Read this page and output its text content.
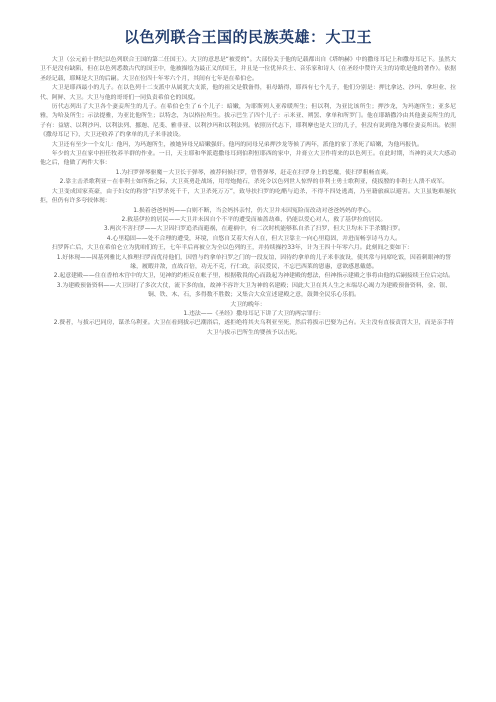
以色列联合王国的民族英雄：大卫王

大卫（公元前十世纪以色列联合王国的第二任国王）。大卫的意思是“被爱的”。大部份关于他的记载都出自《塔纳赫》中的撒母耳记上和撒母耳记下。虽然大卫不是没有缺陷，但在以色列悉数古代的国王中，他被描绘为最正义的国王，并且是一位优异兵士、音乐家和诗人（在圣经中赞许天主的诗歌是他的著作）。依据圣经记载，耶稣是大卫的后嗣。大卫在位四十年零六个月，其间有七年是在希伯仑。

大卫是耶西最小的儿子。在以色列十二支派中从属犹大支派，他的祖父是俄备得，祖母路得，耶西有七个儿子，他们分别是：押比拿达、沙玛、拿坦业、拉代、阿鲜、大卫。大卫与他的哥哥们一同负责希伯仑的国度。

历代志列出了大卫各个妻妾所生的儿子。在希伯仑生了６个儿子：暗嫩，为耶斯列人亚希暖所生；但以利，为亚比该所生；押沙龙，为玛迦所生；亚多尼雅，为哈及所生；示法提雅，为亚比他所生；以特念，为以格拉所生。拔示巴生了四个儿子：示米亚、朔罢、拿单和所罗门。他在耶路撒冷由其他妻妾所生的儿子有：益辖、以利沙玛、以利法列、挪迦、尼斐、雅非亚、以利沙玛和以利法列。依照历代志下，耶利摩也是大卫的儿子，但没有说到他为哪位妻妾所出。依照《撒母耳记下》，大卫还收养了约拿单的儿子米非波设。

大卫还有至少一个女儿：他玛，为玛迦所生，被她异母兄暗嫩强奸。他玛的同母兄弟押沙龙等候了两年，派他的家丁杀死了暗嫩，为他玛报仇。

年少的大卫在家中担任牧养羊群的作业。一日，天主耶和华派遣撒母耳到伯利恒耶西的家中，并膏立大卫作将来的以色列王。在此时期，当神的灵大大感动他之后，他做了两件大事：

1.为扫罗弹琴驱魔－大卫长于弹琴，被荐何候扫罗，曾替弹琴，赶走在扫罗身上的恶魔，使扫罗粗畅直爽。

2.靠主击杀歌利亚－在非利士如所指之际，大卫英勇赴战场，用弯炮抛石，杀死令以色列世人惊悍的非利士勇士歌利亚，使扳膛的非利士人溃不成军。

大卫变成国家英豪，由于妇女的称誉“扫罗杀死千千，大卫杀死万万”，致导扶扫罗的吃醋与追杀，不得不四处逃离，乃至籍旅疯以避害。大卫虽饱难屡抗拒，但仍有许多夸较体现：

1.损着爸爸妈妈——白则不断，当会妈抖亲忖，仍大卫并未因冤险而改动对爸爸妈妈的孝心。

2.救基伊拉的居民——大卫并未因自个不平的遭受而袖蔷劫难，仍能以爱心对人，救了基伊拉的居民。

3.两次不害扫罗——大卫因扫罗追杀而避祸，在避祸中，有二次时机能够私自杀了扫罗，但大卫均未下手杀戮扫罗。

4.心里稳固——处不合理的遭受，环境，自悠自艾着大有人在，但大卫靠主一向心里稳固，并进而畅享诗马力人。

扫罗阵亡后，大卫在希伯仑立为犹咱们的王，七年半后再被立为全以色列的王，并持续操控33年，计为王四十年零六月。此刻间之要如下：

1.好体现——因基列雅比人推理扫罗而优待他们，因曾与约拿单扫罗之门的一段友谊，因待约拿单的儿子米非波设，使其常与同席吃饭，因着刺眼神的誓缘，履暇并敌，直战百倍，功无不克，行仁政，亲民爱民，不忘巴西莱的恩惠，意欲感恩戴德。

2.起意建殿——住在香柏木宫中的大卫，见神的约柜反在帐子里，根据敬畏的心而鼓起为神建殿的想法，但神指示建殿之事将由他的后嗣接续王位后完结。

3.为建殿预备资料——大卫因打了多次大仗，流下多的血，故神不容许大卫为神的名建殿；因此大卫在其人生之末端尽心竭力为建殿预备资料，金、银、铜、铁、木、石，多得数不胜数；又集合大众宣述建殿之意，鼓舞全民乐心乐捐。

大卫的晚年：

1.违法——《圣经》撒母耳记下讲了大卫的两宗罪行：

2.赘者，与拔示巴同房，谋杀乌利亚。大卫在看到拔示巴潮浴后，遂拒绝将其夫乌利亚至死，然后将拔示巴娶为己有。天主没有直接责罚大卫，而是亲手将大卫与拔示巴所生的婴孩予以击死。
